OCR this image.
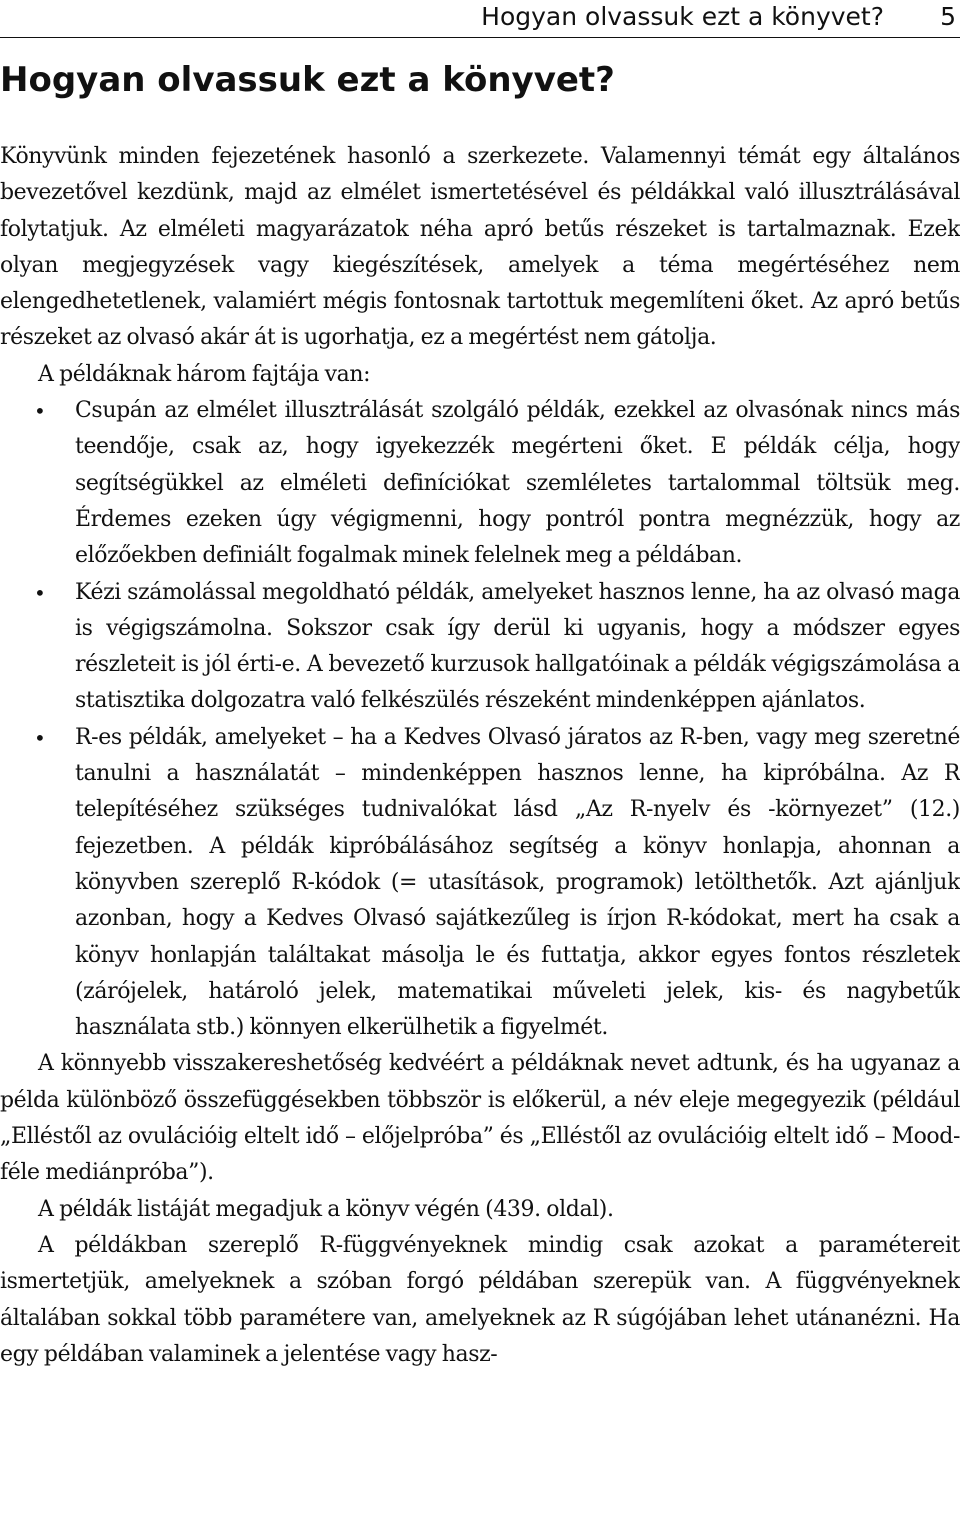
Hogyan olvassuk ezt a könyvet? 5
Hogyan olvassuk ezt a könyvet?

Könyvünk minden fejezetének hasonló a szerkezete. Valamennyi témát egy általános bevezetővel kezdünk, majd az elmélet ismertetésével és példákkal való illusztrálásával folytatjuk. Az elméleti magyarázatok néha apró betűs részeket is tartalmaznak. Ezek olyan megjegyzések vagy kiegészítések, amelyek a téma megértéséhez nem elengedhetetlenek, valamiért mégis fontosnak tartottuk megemlíteni őket. Az apró betűs részeket az olvasó akár át is ugorhatja, ez a megértést nem gátolja.

A példáknak három fajtája van:

• Csupán az elmélet illusztrálását szolgáló példák, ezekkel az olvasónak nincs más teendője, csak az, hogy igyekezzék megérteni őket. E példák célja, hogy segítségükkel az elméleti definíciókat szemléletes tartalommal töltsük meg. Érdemes ezeken úgy végigmenni, hogy pontról pontra megnézzük, hogy az előzőekben definiált fogalmak minek felelnek meg a példában.
• Kézi számolással megoldható példák, amelyeket hasznos lenne, ha az olvasó maga is végigszámolna. Sokszor csak így derül ki ugyanis, hogy a módszer egyes részleteit is jól érti-e. A bevezető kurzusok hallgatóinak a példák végigszámolása a statisztika dolgozatra való felkészülés részeként mindenképpen ajánlatos.
• R-es példák, amelyeket – ha a Kedves Olvasó járatos az R-ben, vagy meg szeretné tanulni a használatát – mindenképpen hasznos lenne, ha kipróbálna. Az R telepítéséhez szükséges tudnivalókat lásd „Az R-nyelv és -környezet” (12.) fejezetben. A példák kipróbálásához segítség a könyv honlapja, ahonnan a könyvben szereplő R-kódok (= utasítások, programok) letölthetők. Azt ajánljuk azonban, hogy a Kedves Olvasó sajátkezűleg is írjon R-kódokat, mert ha csak a könyv honlapján találtakat másolja le és futtatja, akkor egyes fontos részletek (zárójelek, határoló jelek, matematikai műveleti jelek, kis- és nagybetűk használata stb.) könnyen elkerülhetik a figyelmét.

A könnyebb visszakereshetőség kedvéért a példáknak nevet adtunk, és ha ugyanaz a példa különböző összefüggésekben többször is előkerül, a név eleje megegyezik (például „Elléstől az ovulációig eltelt idő – előjelpróba” és „Elléstől az ovulációig eltelt idő – Mood-féle mediánpróba”).

A példák listáját megadjuk a könyv végén (439. oldal).

A példákban szereplő R-függvényeknek mindig csak azokat a paramétereit ismertetjük, amelyeknek a szóban forgó példában szerepük van. A függvényeknek általában sokkal több paramétere van, amelyeknek az R súgójában lehet utánanézni. Ha egy példában valaminek a jelentése vagy hasz-
